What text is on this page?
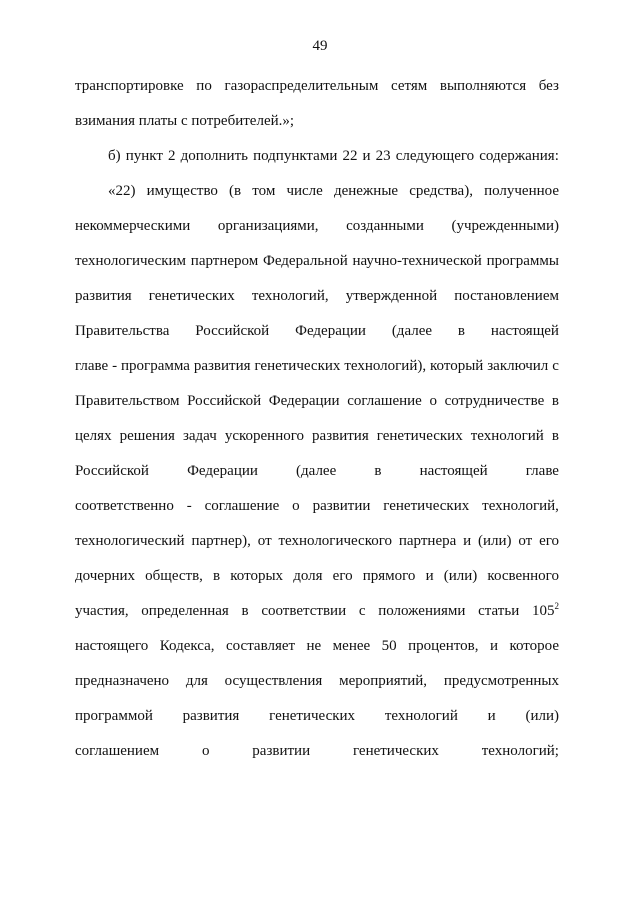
49
транспортировке по газораспределительным сетям выполняются без
взимания платы с потребителей.»;
б) пункт 2 дополнить подпунктами 22 и 23 следующего содержания:
«22) имущество (в том числе денежные средства), полученное
некоммерческими организациями, созданными (учрежденными)
технологическим партнером Федеральной научно-технической программы
развития генетических технологий, утвержденной постановлением
Правительства Российской Федерации (далее в настоящей
главе - программа развития генетических технологий), который заключил с
Правительством Российской Федерации соглашение о сотрудничестве в
целях решения задач ускоренного развития генетических технологий в
Российской	Федерации	(далее	в	настоящей	главе
соответственно - соглашение о развитии генетических технологий,
технологический партнер), от технологического партнера и (или) от его
дочерних обществ, в которых доля его прямого и (или) косвенного
участия, определенная в соответствии с положениями статьи $105^2$
настоящего Кодекса, составляет не менее 50 процентов, и которое
предназначено для осуществления мероприятий, предусмотренных
программой развития генетических технологий и (или)
соглашением	о	развитии	генетических	технологий;
